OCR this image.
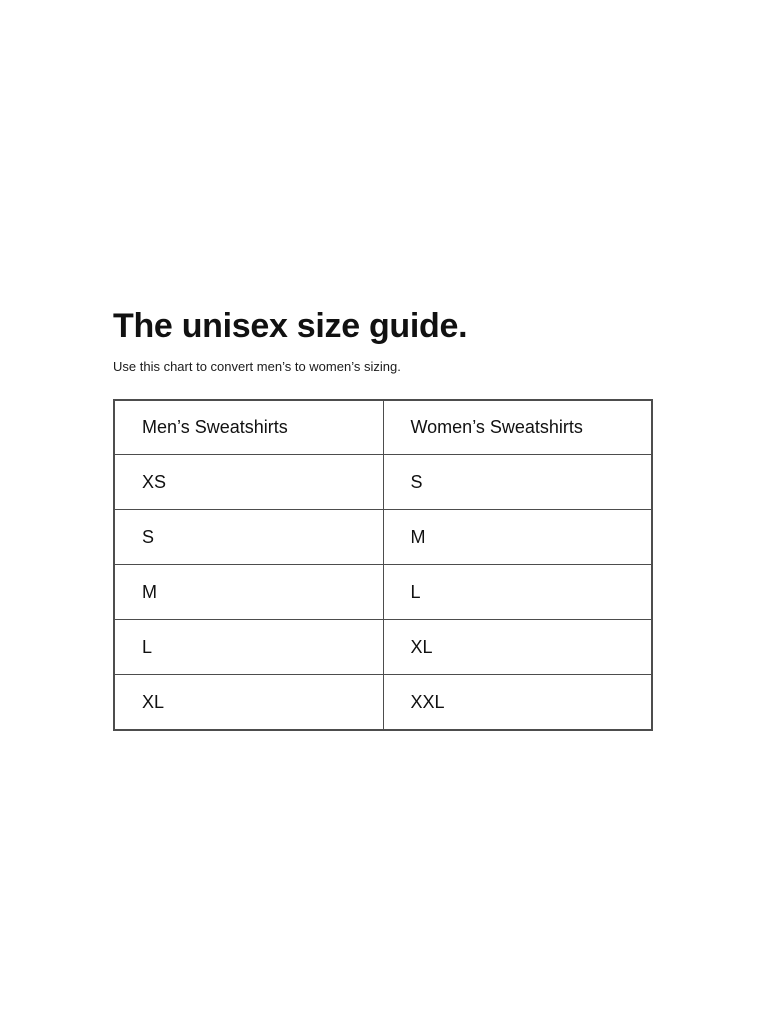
The unisex size guide.

Use this chart to convert men’s to women’s sizing.

Men’s Sweatshirts	Women’s Sweatshirts
XS	S
S	M
M	L
L	XL
XL	XXL
